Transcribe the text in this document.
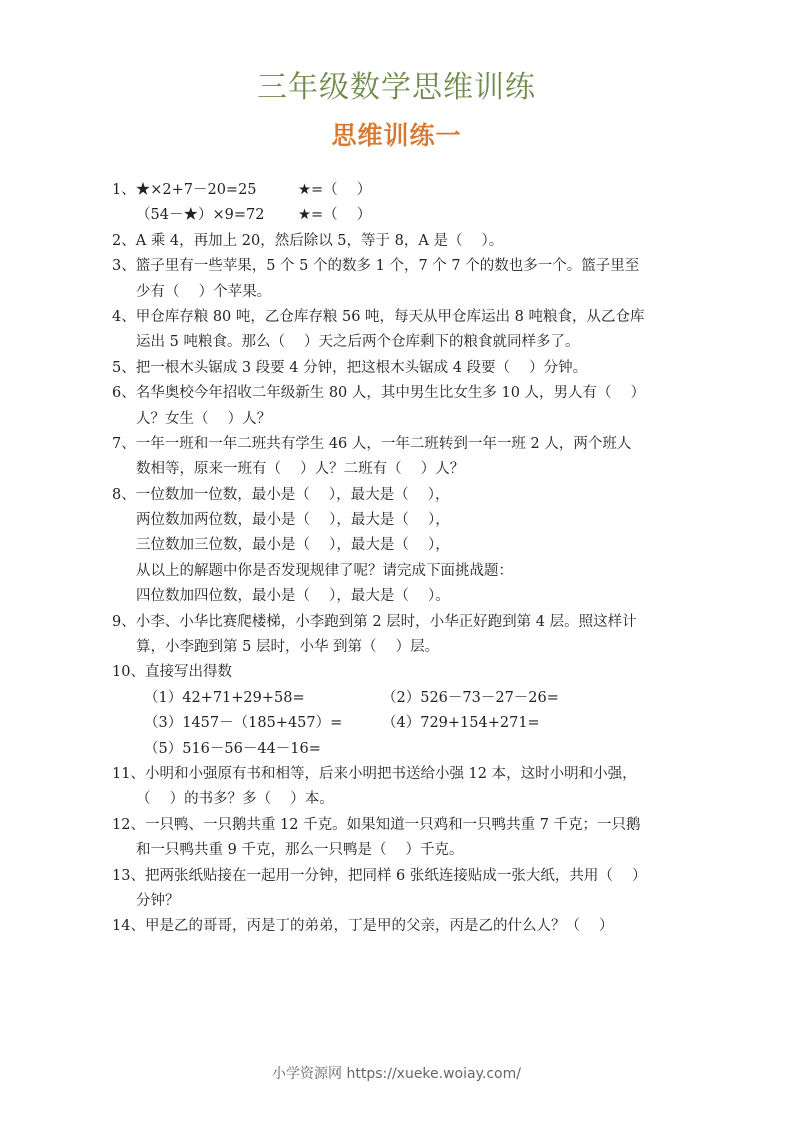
三年级数学思维训练
思维训练一
1、★×2+7－20=25	★=（　 ）
（54－★）×9=72 ★=（　 ）
2、A 乘 4，再加上 20，然后除以 5，等于 8，A 是（　 ）。
3、篮子里有一些苹果，5 个 5 个的数多 1 个，7 个 7 个的数也多一个。篮子里至
少有（　 ）个苹果。
4、甲仓库存粮 80 吨，乙仓库存粮 56 吨，每天从甲仓库运出 8 吨粮食，从乙仓库
运出 5 吨粮食。那么（　 ）天之后两个仓库剩下的粮食就同样多了。
5、把一根木头锯成 3 段要 4 分钟，把这根木头锯成 4 段要（　 ）分钟。
6、名华奥校今年招收二年级新生 80 人，其中男生比女生多 10 人，男人有（　 ）
人？女生（　 ）人？
7、一年一班和一年二班共有学生 46 人，一年二班转到一年一班 2 人，两个班人
数相等，原来一班有（　 ）人？二班有（　 ）人？
8、一位数加一位数，最小是（　 ），最大是（　 ），
两位数加两位数，最小是（　 ），最大是（　 ），
三位数加三位数，最小是（　 ），最大是（　 ），
从以上的解题中你是否发现规律了呢？请完成下面挑战题：
四位数加四位数，最小是（　 ），最大是（　 ）。
9、小李、小华比赛爬楼梯，小李跑到第 2 层时，小华正好跑到第 4 层。照这样计
算，小李跑到第 5 层时，小华 到第（　 ）层。
10、直接写出得数
（1）42+71+29+58=	（2）526－73－27－26=
（3）1457－（185+457）=	（4）729+154+271=
（5）516－56－44－16=
11、小明和小强原有书和相等，后来小明把书送给小强 12 本，这时小明和小强，
（　 ）的书多？多（　 ）本。
12、一只鸭、一只鹅共重 12 千克。如果知道一只鸡和一只鸭共重 7 千克；一只鹅
和一只鸭共重 9 千克，那么一只鸭是（　 ）千克。
13、把两张纸贴接在一起用一分钟，把同样 6 张纸连接贴成一张大纸，共用（　 ）
分钟？
14、甲是乙的哥哥，丙是丁的弟弟，丁是甲的父亲，丙是乙的什么人？（　 ）
小学资源网 https://xueke.woiay.com/
